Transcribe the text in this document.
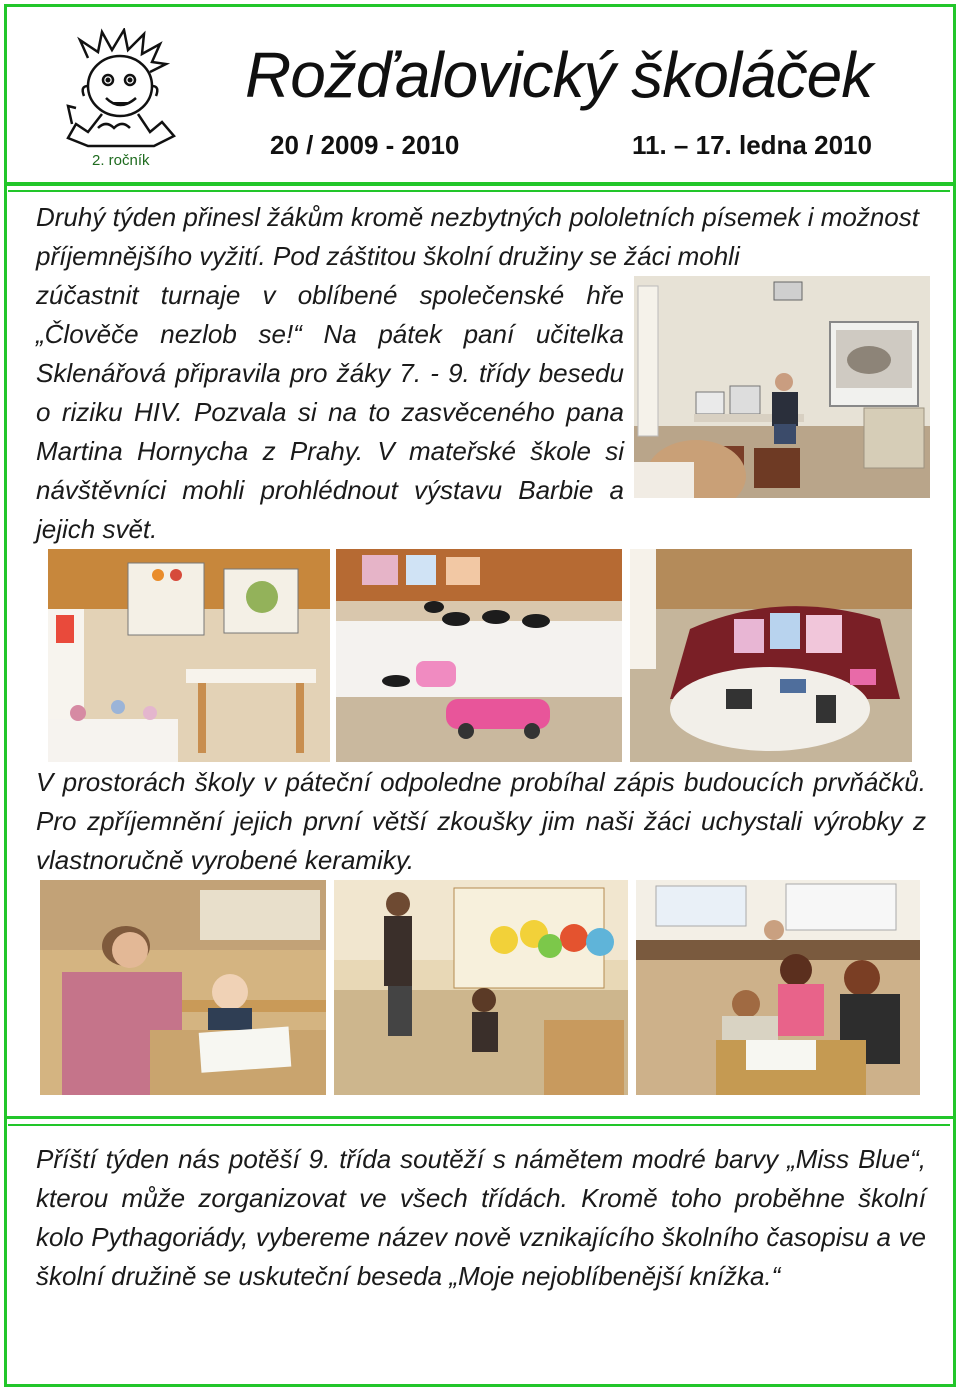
2. ročník
Rožďalovický školáček
20 / 2009 - 2010	11. – 17. ledna 2010
Druhý týden přinesl žákům kromě nezbytných pololetních písemek i možnost příjemnějšího vyžití. Pod záštitou školní družiny se žáci mohli
zúčastnit turnaje v oblíbené společenské hře „Člověče nezlob se!“ Na pátek paní učitelka Sklenářová připravila pro žáky 7. - 9. třídy besedu o riziku HIV. Pozvala si na to zasvěceného pana Martina Hornycha z Prahy. V mateřské škole si návštěvníci mohli prohlédnout výstavu Barbie a jejich svět.
V prostorách školy v páteční odpoledne probíhal zápis budoucích prvňáčků. Pro zpříjemnění jejich první větší zkoušky jim naši žáci uchystali výrobky z vlastnoručně vyrobené keramiky.
Příští týden nás potěší 9. třída soutěží s námětem modré barvy „Miss Blue“, kterou může zorganizovat ve všech třídách. Kromě toho proběhne školní kolo Pythagoriády, vybereme název nově vznikajícího školního časopisu a ve školní družině se uskuteční beseda „Moje nejoblíbenější knížka.“
